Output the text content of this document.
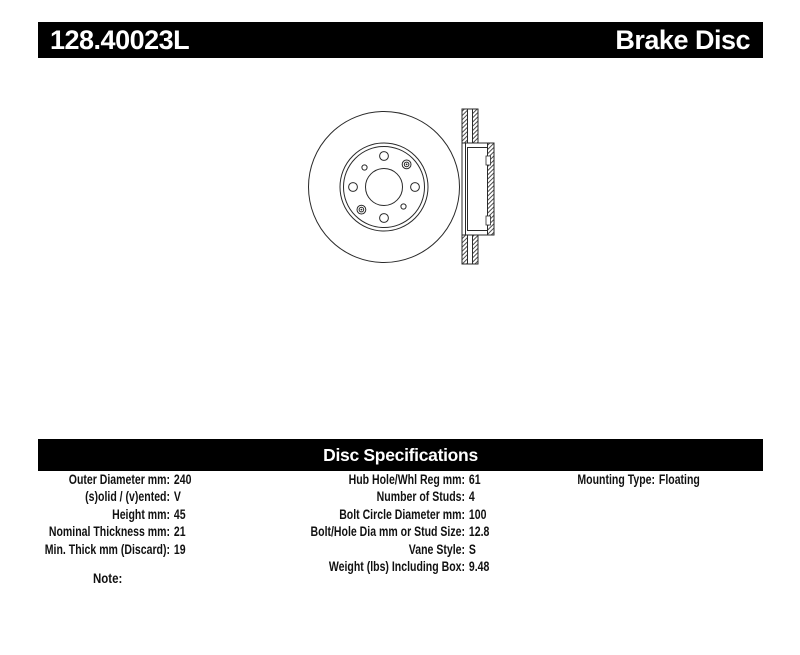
128.40023L	Brake Disc
Disc Specifications
Outer Diameter mm: 240
(s)olid / (v)ented: V
Height mm: 45
Nominal Thickness mm: 21
Min. Thick mm (Discard): 19
Hub Hole/Whl Reg mm: 61
Number of Studs: 4
Bolt Circle Diameter mm: 100
Bolt/Hole Dia mm or Stud Size: 12.8
Vane Style: S
Weight (lbs) Including Box: 9.48
Mounting Type: Floating
Note:
